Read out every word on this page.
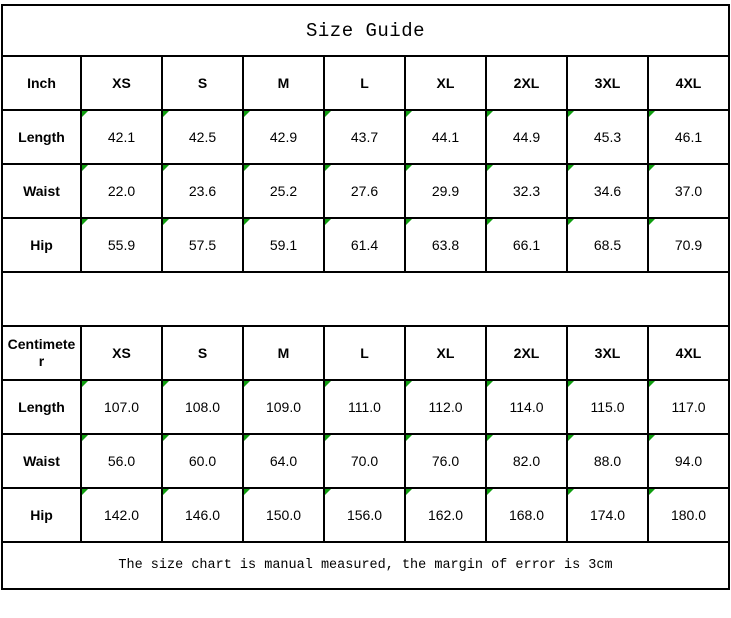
Size Guide								
Inch	XS	S	M	L	XL	2XL	3XL	4XL
Length	42.1	42.5	42.9	43.7	44.1	44.9	45.3	46.1
Waist	22.0	23.6	25.2	27.6	29.9	32.3	34.6	37.0
Hip	55.9	57.5	59.1	61.4	63.8	66.1	68.5	70.9

Centimeter	XS	S	M	L	XL	2XL	3XL	4XL
Length	107.0	108.0	109.0	111.0	112.0	114.0	115.0	117.0
Waist	56.0	60.0	64.0	70.0	76.0	82.0	88.0	94.0
Hip	142.0	146.0	150.0	156.0	162.0	168.0	174.0	180.0
The size chart is manual measured, the margin of error is 3cm								
